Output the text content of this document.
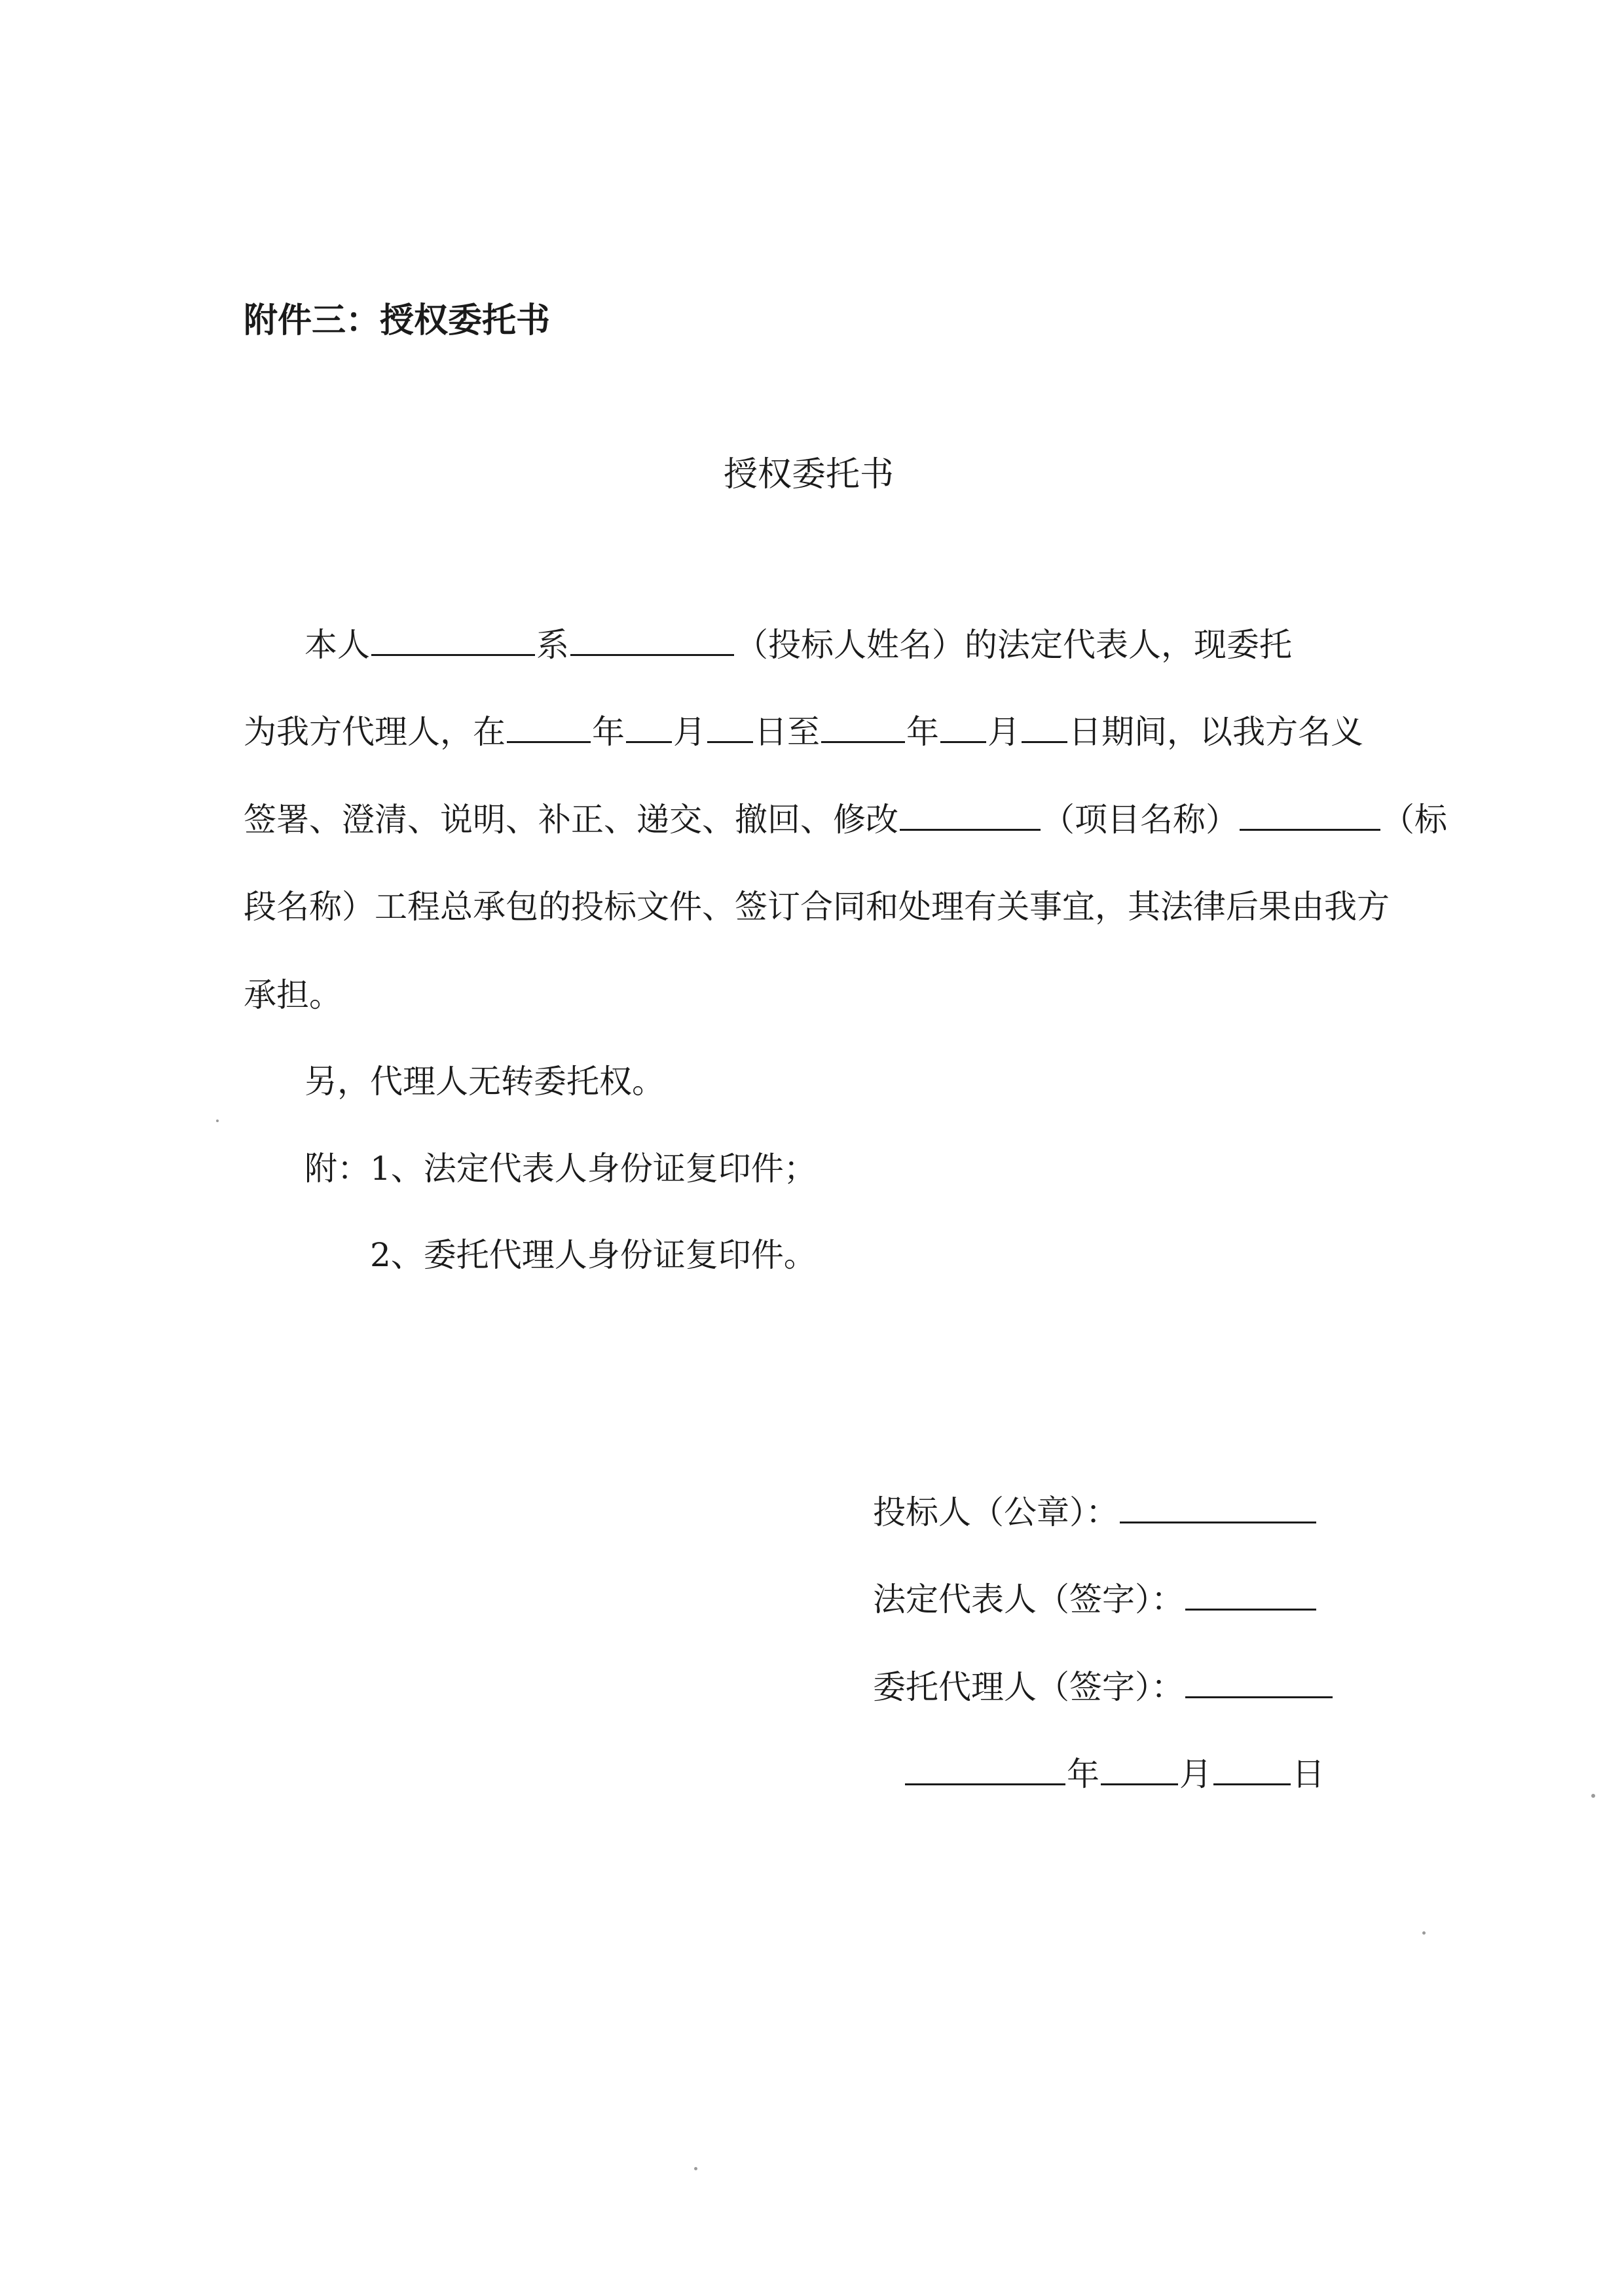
附件三：授权委托书
授权委托书
本人	系	（投标人姓名）的法定代表人，现委托
为我方代理人，在	年 月 日至	年 月 日期间，以我方名义
签署、澄清、说明、补正、递交、撤回、修改	（项目名称）	（标
段名称）工程总承包的投标文件、签订合同和处理有关事宜，其法律后果由我方
承担。
另，代理人无转委托权。
附：1、法定代表人身份证复印件；
2、委托代理人身份证复印件。
投标人（公章）：
法定代表人（签字）：
委托代理人（签字）：
年 月 日
